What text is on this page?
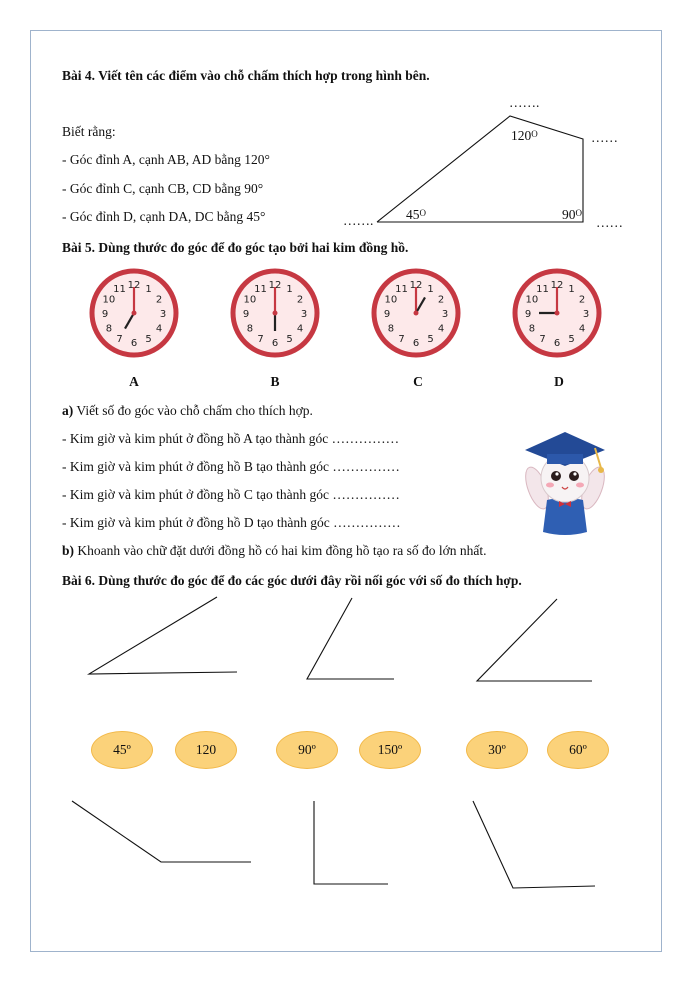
Bài 4. Viết tên các điểm vào chỗ chấm thích hợp trong hình bên.
Biết rằng:
- Góc đỉnh A, cạnh AB, AD bằng 120°
- Góc đỉnh C, cạnh CB, CD bằng 90°
- Góc đỉnh D, cạnh DA, DC bằng 45°
…….
……
…….	……
$120^O$
$45^O$	$90^O$
Bài 5. Dùng thước đo góc để đo góc tạo bởi hai kim đồng hồ.
12 1
2
3
4
5
6
7
8
9
10
11	12 1
2
3
4
5
6
7
8
9
10
11	12 1
2
3
4
5
6
7
8
9
10
11	12 1
2
3
4
5
6
7
8
9
10
11
A	B	C	D
a) Viết số đo góc vào chỗ chấm cho thích hợp.
- Kim giờ và kim phút ở đồng hồ A tạo thành góc ……………
- Kim giờ và kim phút ở đồng hồ B tạo thành góc ……………
- Kim giờ và kim phút ở đồng hồ C tạo thành góc ……………
- Kim giờ và kim phút ở đồng hồ D tạo thành góc ……………
b) Khoanh vào chữ đặt dưới đồng hồ có hai kim đồng hồ tạo ra số đo lớn nhất.
Bài 6. Dùng thước đo góc để đo các góc dưới đây rồi nối góc với số đo thích hợp.
45º	120	90º	150º	30º	60º
